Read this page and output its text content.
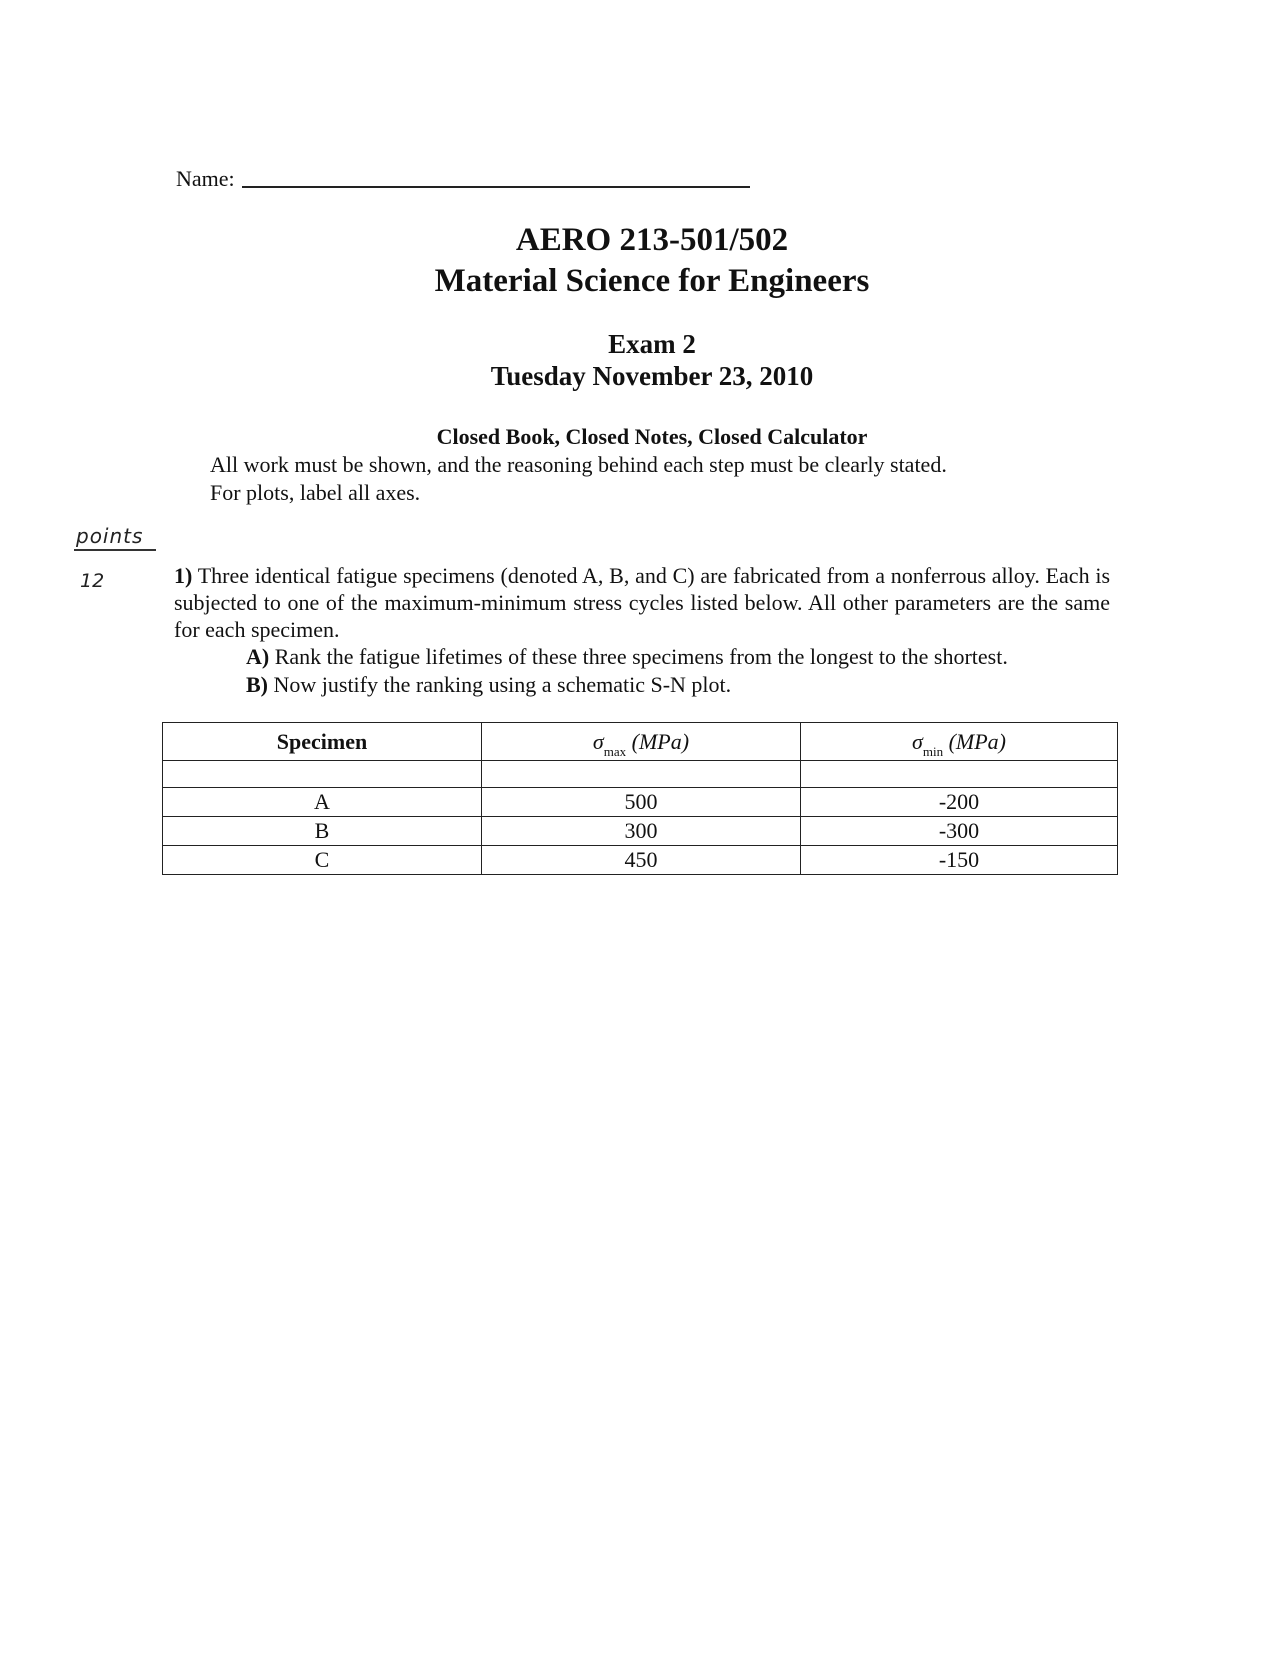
Name:
AERO 213-501/502
Material Science for Engineers
Exam 2
Tuesday November 23, 2010
Closed Book, Closed Notes, Closed Calculator
All work must be shown, and the reasoning behind each step must be clearly stated.
For plots, label all axes.
points
12	1) Three identical fatigue specimens (denoted A, B, and C) are fabricated from a nonferrous alloy. Each is subjected to one of the maximum-minimum stress cycles listed below. All other parameters are the same for each specimen.
A) Rank the fatigue lifetimes of these three specimens from the longest to the shortest.
B) Now justify the ranking using a schematic S-N plot.
Specimen	$\sigma_{max}$ (MPa)	$\sigma_{min}$ (MPa)

A	500	-200
B	300	-300
C	450	-150
